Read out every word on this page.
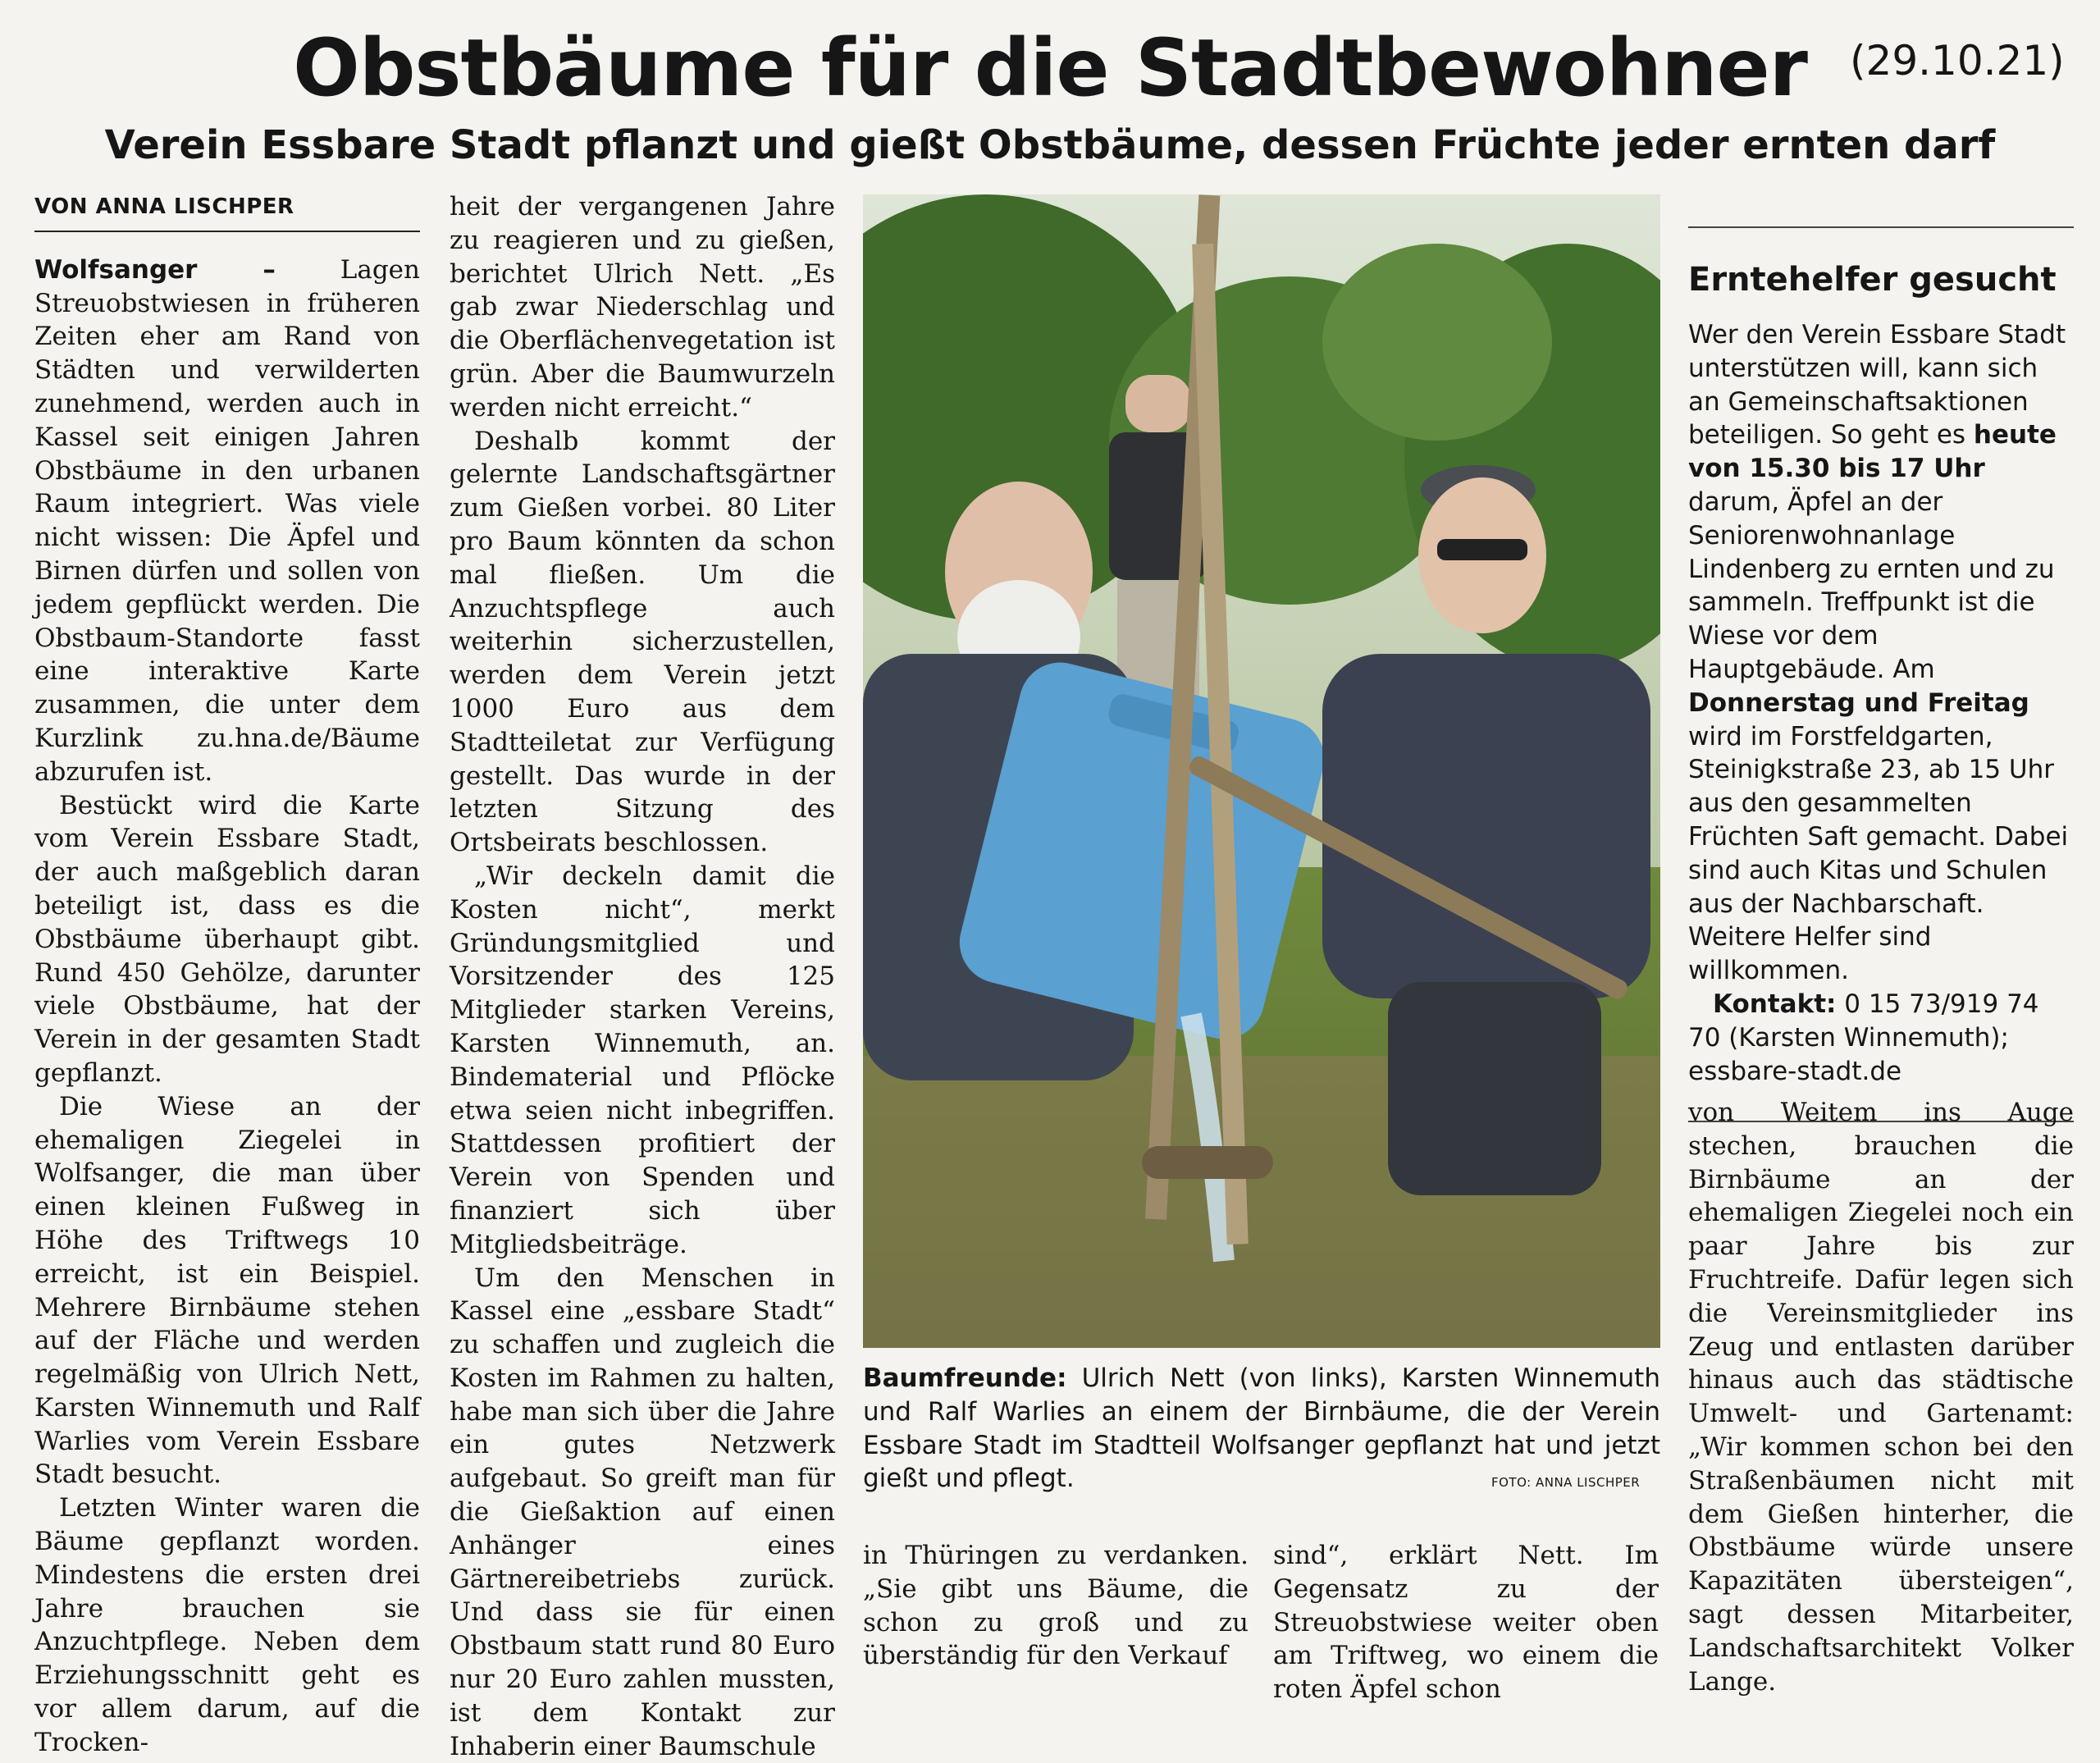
Obstbäume für die Stadtbewohner	(29.10.21)
Verein Essbare Stadt pflanzt und gießt Obstbäume, dessen Früchte jeder ernten darf
VON ANNA LISCHPER

Wolfsanger –	Lagen Streuobstwiesen in früheren Zeiten eher am Rand von Städten und verwilderten zunehmend, werden auch in Kassel seit einigen Jahren Obstbäume in den urbanen Raum integriert. Was viele nicht wissen: Die Äpfel und Birnen dürfen und sollen von jedem gepflückt werden. Die Obstbaum-Standorte fasst eine interaktive Karte zusammen, die unter dem Kurzlink zu.hna.de/Bäume abzurufen ist.

Bestückt wird die Karte vom Verein Essbare Stadt, der auch maßgeblich daran beteiligt ist, dass es die Obstbäume überhaupt gibt. Rund 450 Gehölze, darunter viele Obstbäume, hat der Verein in der gesamten Stadt gepflanzt.

Die Wiese an der ehemaligen Ziegelei in Wolfsanger, die man über einen kleinen Fußweg in Höhe des Triftwegs 10 erreicht, ist ein Beispiel. Mehrere Birnbäume stehen auf der Fläche und werden regelmäßig von Ulrich Nett, Karsten Winnemuth und Ralf Warlies vom Verein Essbare Stadt besucht.

Letzten Winter waren die Bäume gepflanzt worden. Mindestens die ersten drei Jahre brauchen sie Anzuchtpflege. Neben dem Erziehungsschnitt geht es vor allem darum, auf die Trocken-

heit der vergangenen Jahre zu reagieren und zu gießen, berichtet Ulrich Nett. „Es gab zwar Niederschlag und die Oberflächenvegetation ist grün. Aber die Baumwurzeln werden nicht erreicht.“

Deshalb kommt der gelernte Landschaftsgärtner zum Gießen vorbei. 80 Liter pro Baum könnten da schon mal fließen. Um die Anzuchtspflege auch weiterhin sicherzustellen, werden dem Verein jetzt 1000 Euro aus dem Stadtteiletat zur Verfügung gestellt. Das wurde in der letzten Sitzung des Ortsbeirats beschlossen.

„Wir deckeln damit die Kosten nicht“, merkt Gründungsmitglied und Vorsitzender des 125 Mitglieder starken Vereins, Karsten Winnemuth, an. Bindematerial und Pflöcke etwa seien nicht inbegriffen. Stattdessen profitiert der Verein von Spenden und finanziert sich über Mitgliedsbeiträge.

Um den Menschen in Kassel eine „essbare Stadt“ zu schaffen und zugleich die Kosten im Rahmen zu halten, habe man sich über die Jahre ein gutes Netzwerk aufgebaut. So greift man für die Gießaktion auf einen Anhänger eines Gärtnereibetriebs zurück. Und dass sie für einen Obstbaum statt rund 80 Euro nur 20 Euro zahlen mussten, ist dem Kontakt zur Inhaberin einer Baumschule

Baumfreunde: Ulrich Nett (von links), Karsten Winnemuth und Ralf Warlies an einem der Birnbäume, die der Verein Essbare Stadt im Stadtteil Wolfsanger gepflanzt hat und jetzt gießt und pflegt.	FOTO: ANNA LISCHPER

in Thüringen zu verdanken. „Sie gibt uns Bäume, die schon zu groß und zu überständig für den Verkauf

sind“, erklärt Nett. Im Gegensatz zu der Streuobstwiese weiter oben am Triftweg, wo einem die roten Äpfel schon

Erntehelfer gesucht

Wer den Verein Essbare Stadt unterstützen will, kann sich an Gemeinschaftsaktionen beteiligen. So geht es heute von 15.30 bis 17 Uhr darum, Äpfel an der Seniorenwohnanlage Lindenberg zu ernten und zu sammeln. Treffpunkt ist die Wiese vor dem Hauptgebäude. Am Donnerstag und Freitag wird im Forstfeldgarten, Steinigkstraße 23, ab 15 Uhr aus den gesammelten Früchten Saft gemacht. Dabei sind auch Kitas und Schulen aus der Nachbarschaft. Weitere Helfer sind willkommen.

Kontakt: 0 15 73/919 74 70 (Karsten Winnemuth); essbare-stadt.de

von Weitem ins Auge stechen, brauchen die Birnbäume an der ehemaligen Ziegelei noch ein paar Jahre bis zur Fruchtreife. Dafür legen sich die Vereinsmitglieder ins Zeug und entlasten darüber hinaus auch das städtische Umwelt- und Gartenamt: „Wir kommen schon bei den Straßenbäumen nicht mit dem Gießen hinterher, die Obstbäume würde unsere Kapazitäten übersteigen“, sagt dessen Mitarbeiter, Landschaftsarchitekt Volker Lange.
